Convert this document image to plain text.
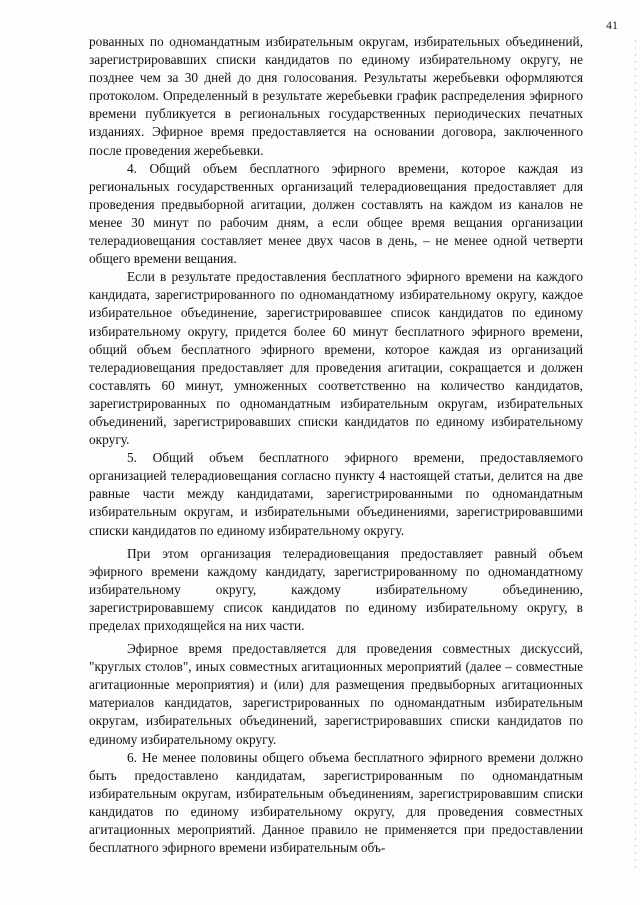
41

рованных по одномандатным избирательным округам, избирательных объединений, зарегистрировавших списки кандидатов по единому избирательному округу, не позднее чем за 30 дней до дня голосования. Результаты жеребьевки оформляются протоколом. Определенный в результате жеребьевки график распределения эфирного времени публикуется в региональных государственных периодических печатных изданиях. Эфирное время предоставляется на основании договора, заключенного после проведения жеребьевки.

4. Общий объем бесплатного эфирного времени, которое каждая из региональных государственных организаций телерадиовещания предоставляет для проведения предвыборной агитации, должен составлять на каждом из каналов не менее 30 минут по рабочим дням, а если общее время вещания организации телерадиовещания составляет менее двух часов в день, – не менее одной четверти общего времени вещания.

Если в результате предоставления бесплатного эфирного времени на каждого кандидата, зарегистрированного по одномандатному избирательному округу, каждое избирательное объединение, зарегистрировавшее список кандидатов по единому избирательному округу, придется более 60 минут бесплатного эфирного времени, общий объем бесплатного эфирного времени, которое каждая из организаций телерадиовещания предоставляет для проведения агитации, сокращается и должен составлять 60 минут, умноженных соответственно на количество кандидатов, зарегистрированных по одномандатным избирательным округам, избирательных объединений, зарегистрировавших списки кандидатов по единому избирательному округу.

5. Общий объем бесплатного эфирного времени, предоставляемого организацией телерадиовещания согласно пункту 4 настоящей статьи, делится на две равные части между кандидатами, зарегистрированными по одномандатным избирательным округам, и избирательными объединениями, зарегистрировавшими списки кандидатов по единому избирательному округу.

При этом организация телерадиовещания предоставляет равный объем эфирного времени каждому кандидату, зарегистрированному по одномандатному избирательному округу, каждому избирательному объединению, зарегистрировавшему список кандидатов по единому избирательному округу, в пределах приходящейся на них части.

Эфирное время предоставляется для проведения совместных дискуссий, "круглых столов", иных совместных агитационных мероприятий (далее – совместные агитационные мероприятия) и (или) для размещения предвыборных агитационных материалов кандидатов, зарегистрированных по одномандатным избирательным округам, избирательных объединений, зарегистрировавших списки кандидатов по единому избирательному округу.

6. Не менее половины общего объема бесплатного эфирного времени должно быть предоставлено кандидатам, зарегистрированным по одномандатным избирательным округам, избирательным объединениям, зарегистрировавшим списки кандидатов по единому избирательному округу, для проведения совместных агитационных мероприятий. Данное правило не применяется при предоставлении бесплатного эфирного времени избирательным объ-
